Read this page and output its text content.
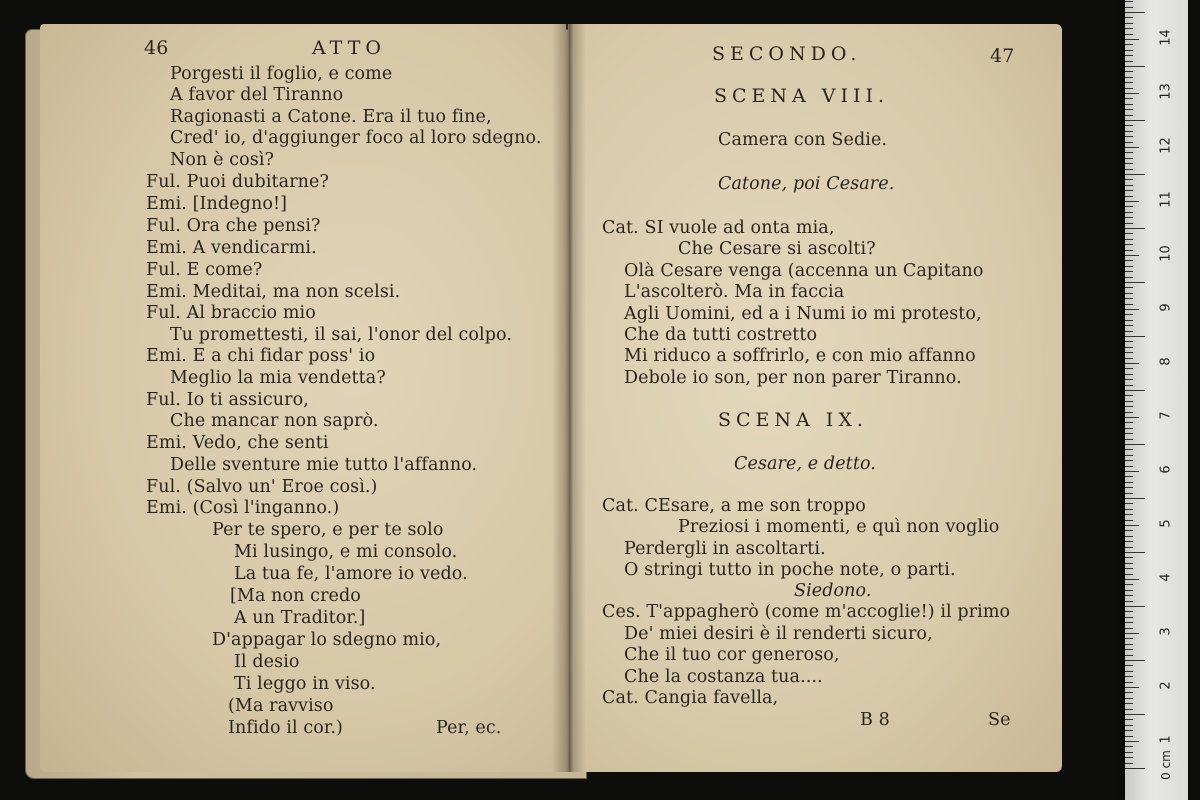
46	ATTO
Porgesti il foglio, e come
A favor del Tiranno
Ragionasti a Catone. Era il tuo fine,
Cred' io, d'aggiunger foco al loro sdegno.
Non è così?
Ful. Puoi dubitarne?
Emi. [Indegno!]
Ful. Ora che pensi?
Emi. A vendicarmi.
Ful. E come?
Emi. Meditai, ma non scelsi.
Ful. Al braccio mio
Tu promettesti, il sai, l'onor del colpo.
Emi. E a chi fidar poss' io
Meglio la mia vendetta?
Ful. Io ti assicuro,
Che mancar non saprò.
Emi. Vedo, che senti
Delle sventure mie tutto l'affanno.
Ful. (Salvo un' Eroe così.)
Emi. (Così l'inganno.)
Per te spero, e per te solo
Mi lusingo, e mi consolo.
La tua fe, l'amore io vedo.
[Ma non credo
A un Traditor.]
D'appagar lo sdegno mio,
Il desio
Ti leggo in viso.
(Ma ravviso
Infido il cor.)	Per, ec.
SECONDO.	47
SCENA VIII.
Camera con Sedie.
Catone, poi Cesare.
Cat. SI vuole ad onta mia,
Che Cesare si ascolti?
Olà Cesare venga (accenna un Capitano
L'ascolterò. Ma in faccia
Agli Uomini, ed a i Numi io mi protesto,
Che da tutti costretto
Mi riduco a soffrirlo, e con mio affanno
Debole io son, per non parer Tiranno.
SCENA IX.
Cesare, e detto.
Cat. CEsare, a me son troppo
Preziosi i momenti, e quì non voglio
Perdergli in ascoltarti.
O stringi tutto in poche note, o parti.
Siedono.
Ces. T'appagherò (come m'accoglie!) il primo
De' miei desiri è il renderti sicuro,
Che il tuo cor generoso,
Che la costanza tua....
Cat. Cangia favella,
B 8	Se
0 cm
1
2
3
4
5
6
7
8
9
10
11
12
13
14
